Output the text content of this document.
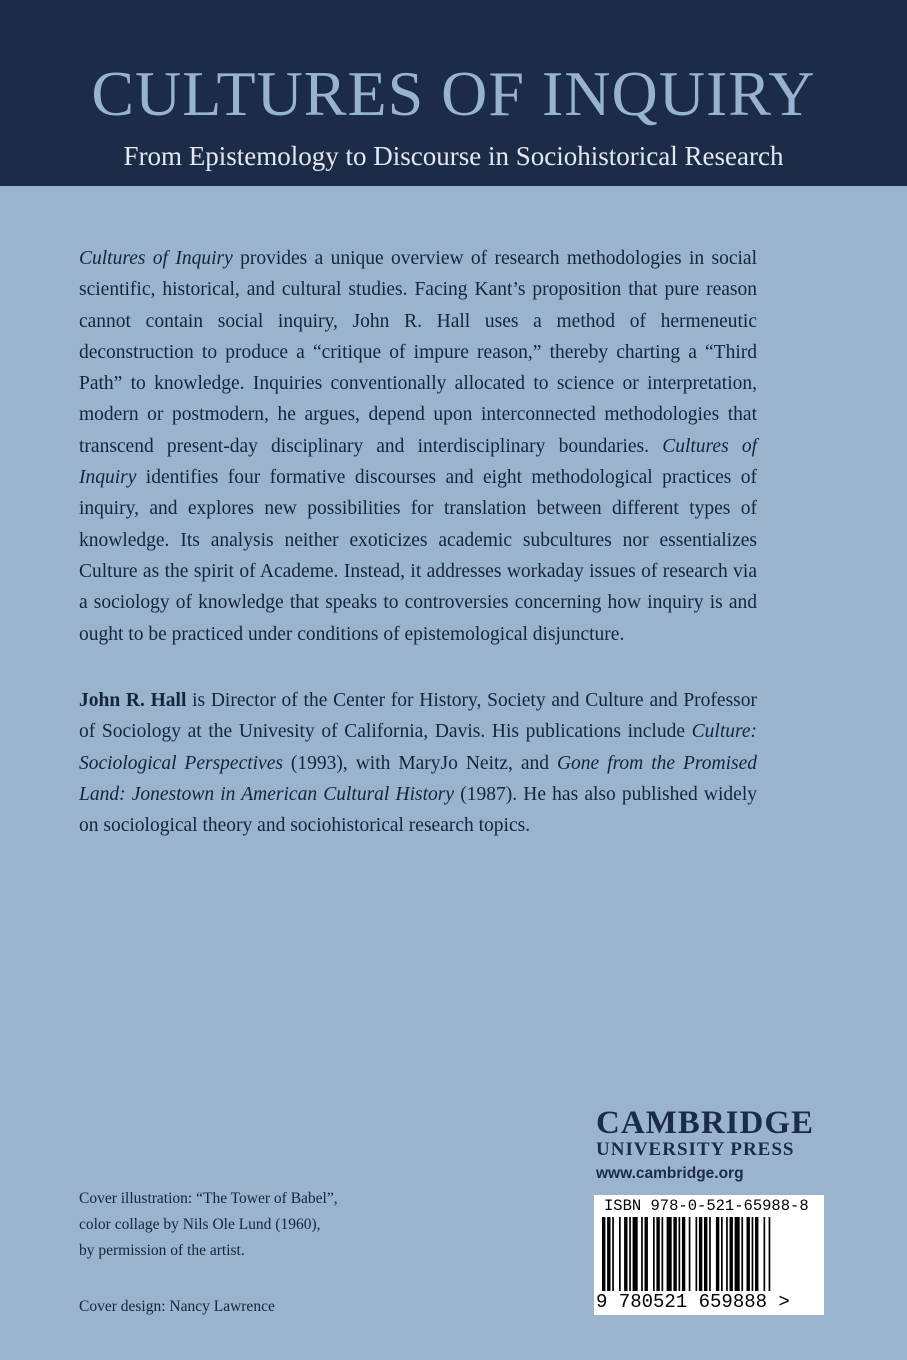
CULTURES OF INQUIRY
From Epistemology to Discourse in Sociohistorical Research

Cultures of Inquiry provides a unique overview of research methodologies in social scientific, historical, and cultural studies. Facing Kant’s proposition that pure reason cannot contain social inquiry, John R. Hall uses a method of hermeneutic deconstruction to produce a “critique of impure reason,” thereby charting a “Third Path” to knowledge. Inquiries conventionally allocated to science or interpretation, modern or postmodern, he argues, depend upon interconnected methodologies that transcend present-day disciplinary and interdisciplinary boundaries. Cultures of Inquiry identifies four formative discourses and eight methodological practices of inquiry, and explores new possibilities for translation between different types of knowledge. Its analysis neither exoticizes academic subcultures nor essentializes Culture as the spirit of Academe. Instead, it addresses workaday issues of research via a sociology of knowledge that speaks to controversies concerning how inquiry is and ought to be practiced under conditions of epistemological disjuncture.

John R. Hall is Director of the Center for History, Society and Culture and Professor of Sociology at the Univesity of California, Davis. His publications include Culture: Sociological Perspectives (1993), with MaryJo Neitz, and Gone from the Promised Land: Jonestown in American Cultural History (1987). He has also published widely on sociological theory and sociohistorical research topics.

Cover illustration: “The Tower of Babel”,
color collage by Nils Ole Lund (1960),
by permission of the artist.
Cover design: Nancy Lawrence
CAMBRIDGE
UNIVERSITY PRESS
www.cambridge.org
ISBN 978-0-521-65988-8
9 780521 659888 >
